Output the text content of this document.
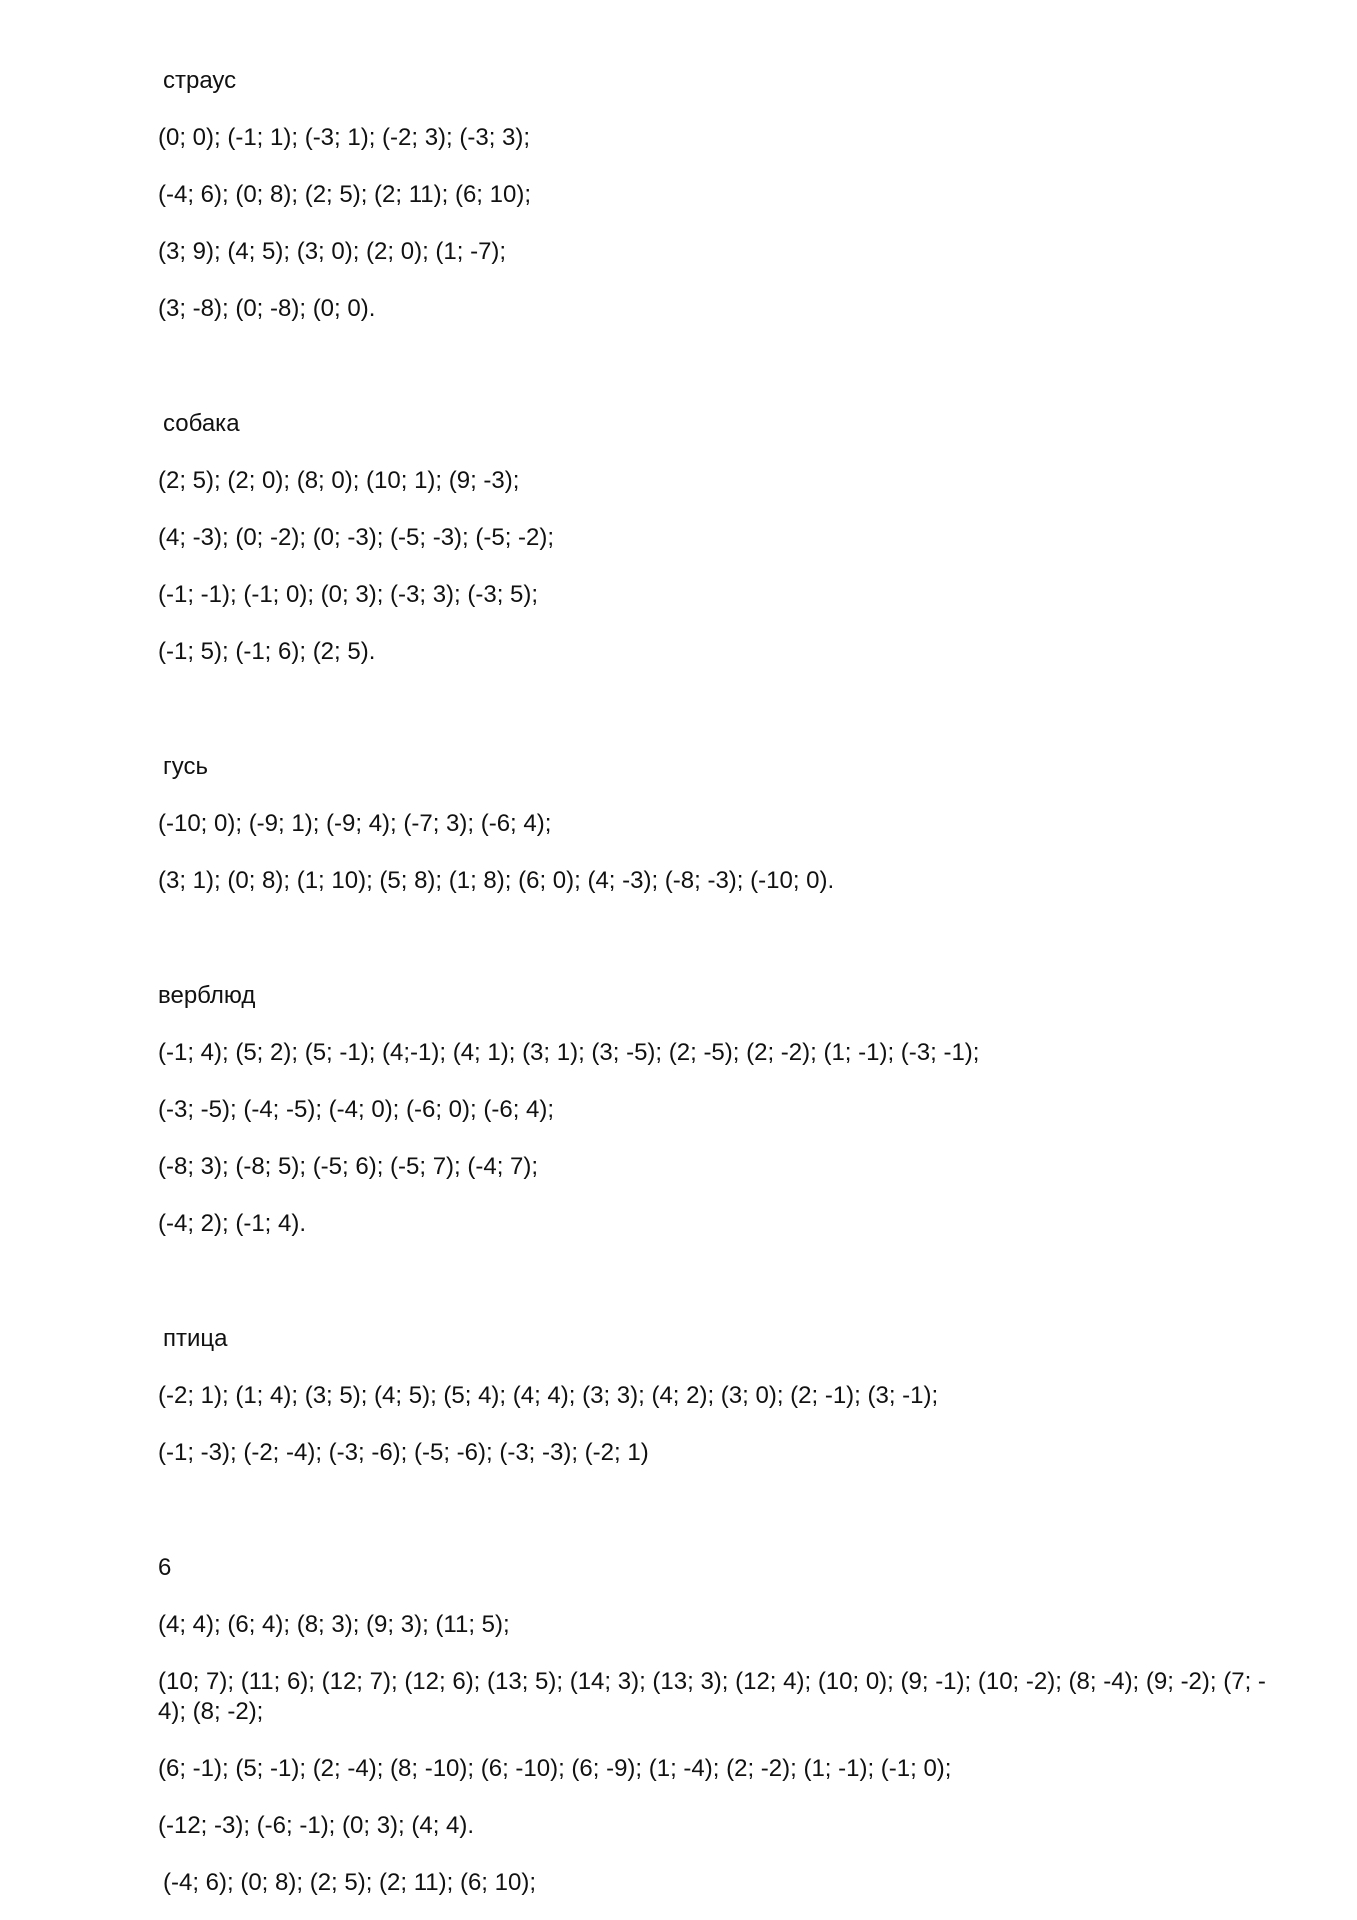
страус
(0; 0); (-1; 1); (-3; 1); (-2; 3); (-3; 3);
(-4; 6); (0; 8); (2; 5); (2; 11); (6; 10);
(3; 9); (4; 5); (3; 0); (2; 0); (1; -7);
(3; -8); (0; -8); (0; 0).
собака
(2; 5); (2; 0); (8; 0); (10; 1); (9; -3);
(4; -3); (0; -2); (0; -3); (-5; -3); (-5; -2);
(-1; -1); (-1; 0); (0; 3); (-3; 3); (-3; 5);
(-1; 5); (-1; 6); (2; 5).
гусь
(-10; 0); (-9; 1); (-9; 4); (-7; 3); (-6; 4);
(3; 1); (0; 8); (1; 10); (5; 8); (1; 8); (6; 0); (4; -3); (-8; -3); (-10; 0).
верблюд
(-1; 4); (5; 2); (5; -1); (4;-1); (4; 1); (3; 1); (3; -5); (2; -5); (2; -2); (1; -1); (-3; -1);
(-3; -5); (-4; -5); (-4; 0); (-6; 0); (-6; 4);
(-8; 3); (-8; 5); (-5; 6); (-5; 7); (-4; 7);
(-4; 2); (-1; 4).
птица
(-2; 1); (1; 4); (3; 5); (4; 5); (5; 4); (4; 4); (3; 3); (4; 2); (3; 0); (2; -1); (3; -1);
(-1; -3); (-2; -4); (-3; -6); (-5; -6); (-3; -3); (-2; 1)
6
(4; 4); (6; 4); (8; 3); (9; 3); (11; 5);
(10; 7); (11; 6); (12; 7); (12; 6); (13; 5); (14; 3); (13; 3); (12; 4); (10; 0); (9; -1); (10; -2); (8; -4); (9; -2); (7; -
4); (8; -2);
(6; -1); (5; -1); (2; -4); (8; -10); (6; -10); (6; -9); (1; -4); (2; -2); (1; -1); (-1; 0);
(-12; -3); (-6; -1); (0; 3); (4; 4).
(-4; 6); (0; 8); (2; 5); (2; 11); (6; 10);
